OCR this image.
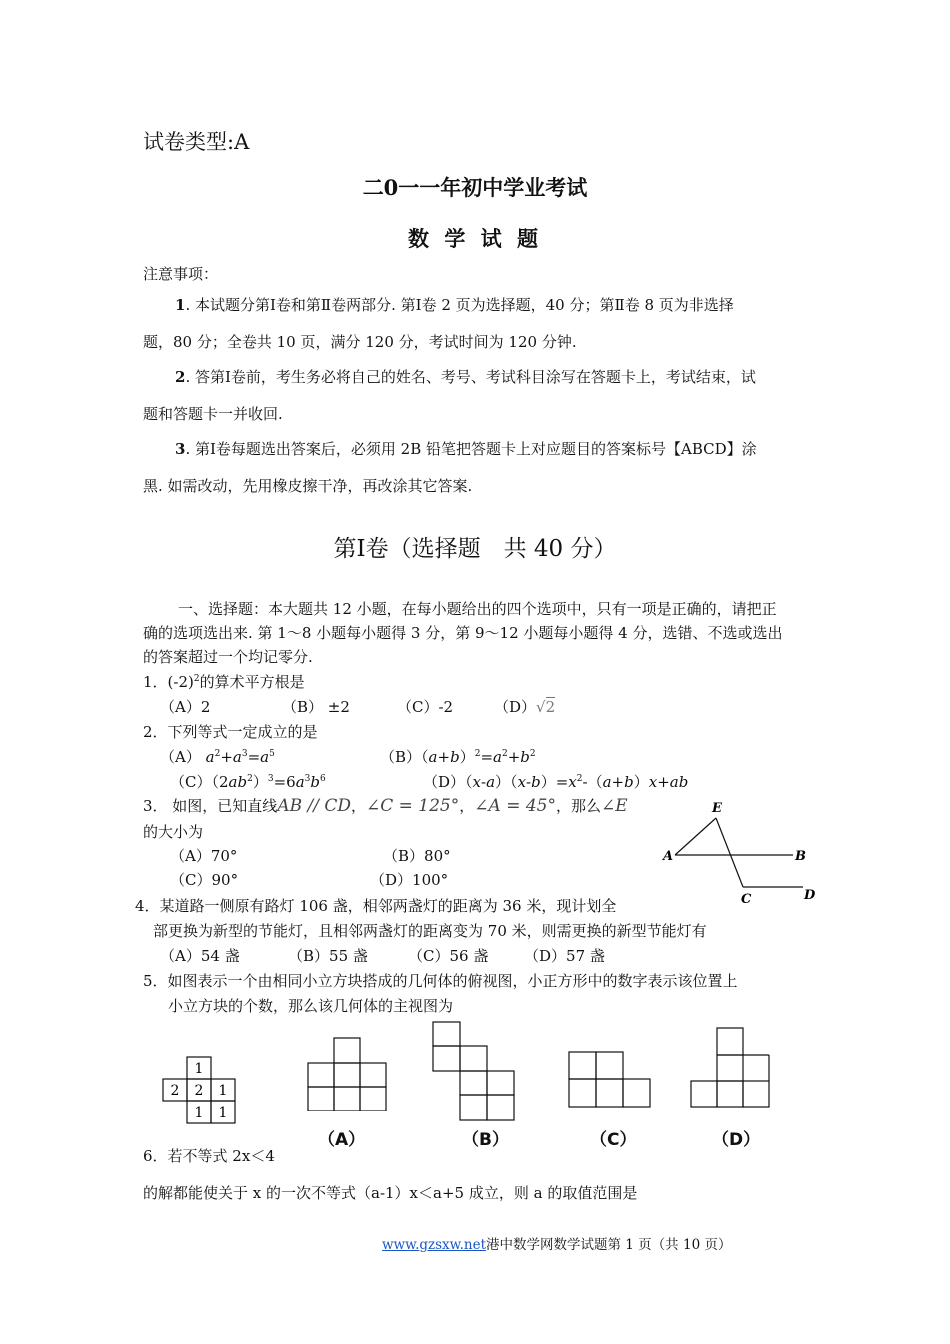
试卷类型:A
二0一一年初中学业考试
数 学 试 题
注意事项：
1. 本试题分第Ⅰ卷和第Ⅱ卷两部分. 第Ⅰ卷 2 页为选择题，40 分；第Ⅱ卷 8 页为非选择
题，80 分；全卷共 10 页，满分 120 分，考试时间为 120 分钟.
2. 答第Ⅰ卷前，考生务必将自己的姓名、考号、考试科目涂写在答题卡上，考试结束，试
题和答题卡一并收回.
3. 第Ⅰ卷每题选出答案后，必须用 2B 铅笔把答题卡上对应题目的答案标号【ABCD】涂
黑. 如需改动，先用橡皮擦干净，再改涂其它答案.
第Ⅰ卷（选择题　共 40 分）
一、选择题：本大题共 12 小题，在每小题给出的四个选项中，只有一项是正确的，请把正
确的选项选出来. 第 1～8 小题每小题得 3 分，第 9～12 小题每小题得 4 分，选错、不选或选出
的答案超过一个均记零分.
1．$(-2)^2$的算术平方根是
（A）2	（B） ±2	（C）-2	（D）√2
2．下列等式一定成立的是
（A） $a^2+a^3=a^5$	$(B)(a+b)^2=a^2+b^2$
$(C)(2ab^2)^3=6a^3b^6$	$(D)(x-a)(x-b)=x^2-(a+b)x+ab$
3． 如图，已知直线AB // CD，∠C = 125°，∠A = 45°，那么∠E
的大小为
（A）70°	（B）80°
（C）90°	（D）100°
E
A	B
C	D
4．某道路一侧原有路灯 106 盏，相邻两盏灯的距离为 36 米，现计划全
部更换为新型的节能灯，且相邻两盏灯的距离变为 70 米，则需更换的新型节能灯有
（A）54 盏	（B）55 盏	（C）56 盏 （D）57 盏
5．如图表示一个由相同小立方块搭成的几何体的俯视图，小正方形中的数字表示该位置上
小立方块的个数，那么该几何体的主视图为
1
2 2 1
1 1
（A）	（B）	（C）	（D）
6．若不等式 2x＜4
的解都能使关于 x 的一次不等式（a-1）x＜a+5 成立，则 a 的取值范围是
www.gzsxw.net港中数学网数学试题第 1 页（共 10 页）
